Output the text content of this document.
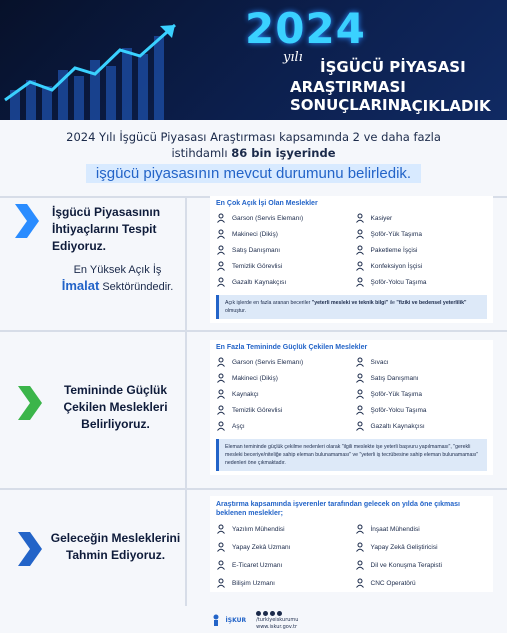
2024
yılı
İŞGÜCÜ PİYASASI
ARAŞTIRMASI SONUÇLARINI
AÇIKLADIK
2024 Yılı İşgücü Piyasası Araştırması kapsamında 2 ve daha fazla
istihdamlı 86 bin işyerinde
işgücü piyasasının mevcut durumunu belirledik.
İşgücü Piyasasının İhtiyaçlarını Tespit Ediyoruz.
En Yüksek Açık İş
İmalat Sektöründedir.
En Çok Açık İşi Olan Meslekler
Garson (Servis Elemanı)	Kasiyer
Makineci (Dikiş)	Şoför-Yük Taşıma
Satış Danışmanı	Paketleme İşçisi
Temizlik Görevlisi	Konfeksiyon İşçisi
Gazaltı Kaynakçısı	Şoför-Yolcu Taşıma
Açık işlerde en fazla aranan beceriler "yeterli mesleki ve teknik bilgi" ile "fiziki ve bedensel yeterlilik" olmuştur.
Temininde Güçlük Çekilen Meslekleri Belirliyoruz.
En Fazla Temininde Güçlük Çekilen Meslekler
Garson (Servis Elemanı)	Sıvacı
Makineci (Dikiş)	Satış Danışmanı
Kaynakçı	Şoför-Yük Taşıma
Temizlik Görevlisi	Şoför-Yolcu Taşıma
Aşçı	Gazaltı Kaynakçısı
Eleman temininde güçlük çekilme nedenleri olarak "ilgili meslekte işe yeterli başvuru yapılmaması", "gerekli mesleki beceriye/niteliğe sahip eleman bulunamaması" ve "yeterli iş tecrübesine sahip eleman bulunamaması" nedenleri öne çıkmaktadır.
Geleceğin Mesleklerini Tahmin Ediyoruz.
Araştırma kapsamında işverenler tarafından gelecek on yılda öne çıkması beklenen meslekler;
Yazılım Mühendisi	İnşaat Mühendisi
Yapay Zekâ Uzmanı	Yapay Zekâ Geliştiricisi
E-Ticaret Uzmanı	Dil ve Konuşma Terapisti
Bilişim Uzmanı	CNC Operatörü
İŞKUR /turkiyeiskurumu
www.iskur.gov.tr
